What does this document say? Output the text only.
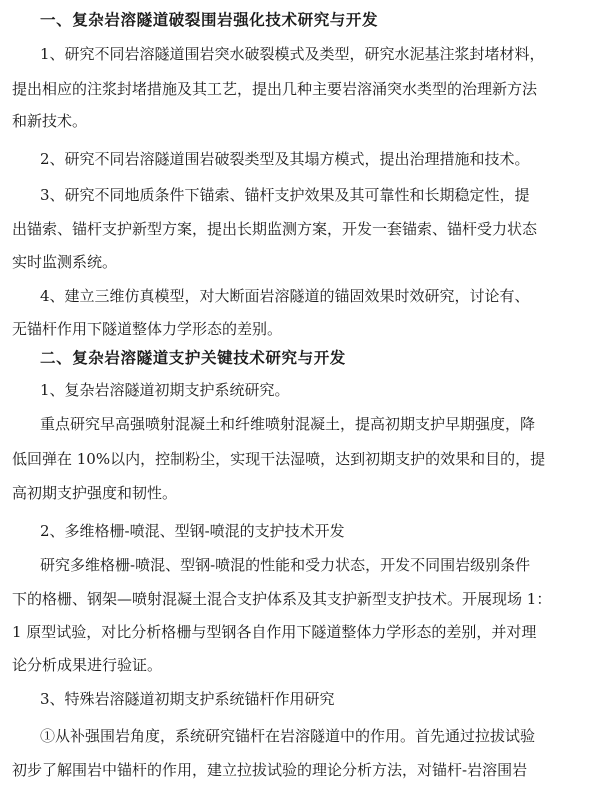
一、复杂岩溶隧道破裂围岩强化技术研究与开发
1、研究不同岩溶隧道围岩突水破裂模式及类型，研究水泥基注浆封堵材料，
提出相应的注浆封堵措施及其工艺，提出几种主要岩溶涌突水类型的治理新方法
和新技术。
2、研究不同岩溶隧道围岩破裂类型及其塌方模式，提出治理措施和技术。
3、研究不同地质条件下锚索、锚杆支护效果及其可靠性和长期稳定性，提
出锚索、锚杆支护新型方案，提出长期监测方案，开发一套锚索、锚杆受力状态
实时监测系统。
4、建立三维仿真模型，对大断面岩溶隧道的锚固效果时效研究，讨论有、
无锚杆作用下隧道整体力学形态的差别。
二、复杂岩溶隧道支护关键技术研究与开发
1、复杂岩溶隧道初期支护系统研究。
重点研究早高强喷射混凝土和纤维喷射混凝土，提高初期支护早期强度，降
低回弹在 10%以内，控制粉尘，实现干法湿喷，达到初期支护的效果和目的，提
高初期支护强度和韧性。
2、多维格栅-喷混、型钢-喷混的支护技术开发
研究多维格栅-喷混、型钢-喷混的性能和受力状态，开发不同围岩级别条件
下的格栅、钢架—喷射混凝土混合支护体系及其支护新型支护技术。开展现场 1：
1 原型试验，对比分析格栅与型钢各自作用下隧道整体力学形态的差别，并对理
论分析成果进行验证。
3、特殊岩溶隧道初期支护系统锚杆作用研究
①从补强围岩角度，系统研究锚杆在岩溶隧道中的作用。首先通过拉拔试验
初步了解围岩中锚杆的作用，建立拉拔试验的理论分析方法，对锚杆-岩溶围岩
